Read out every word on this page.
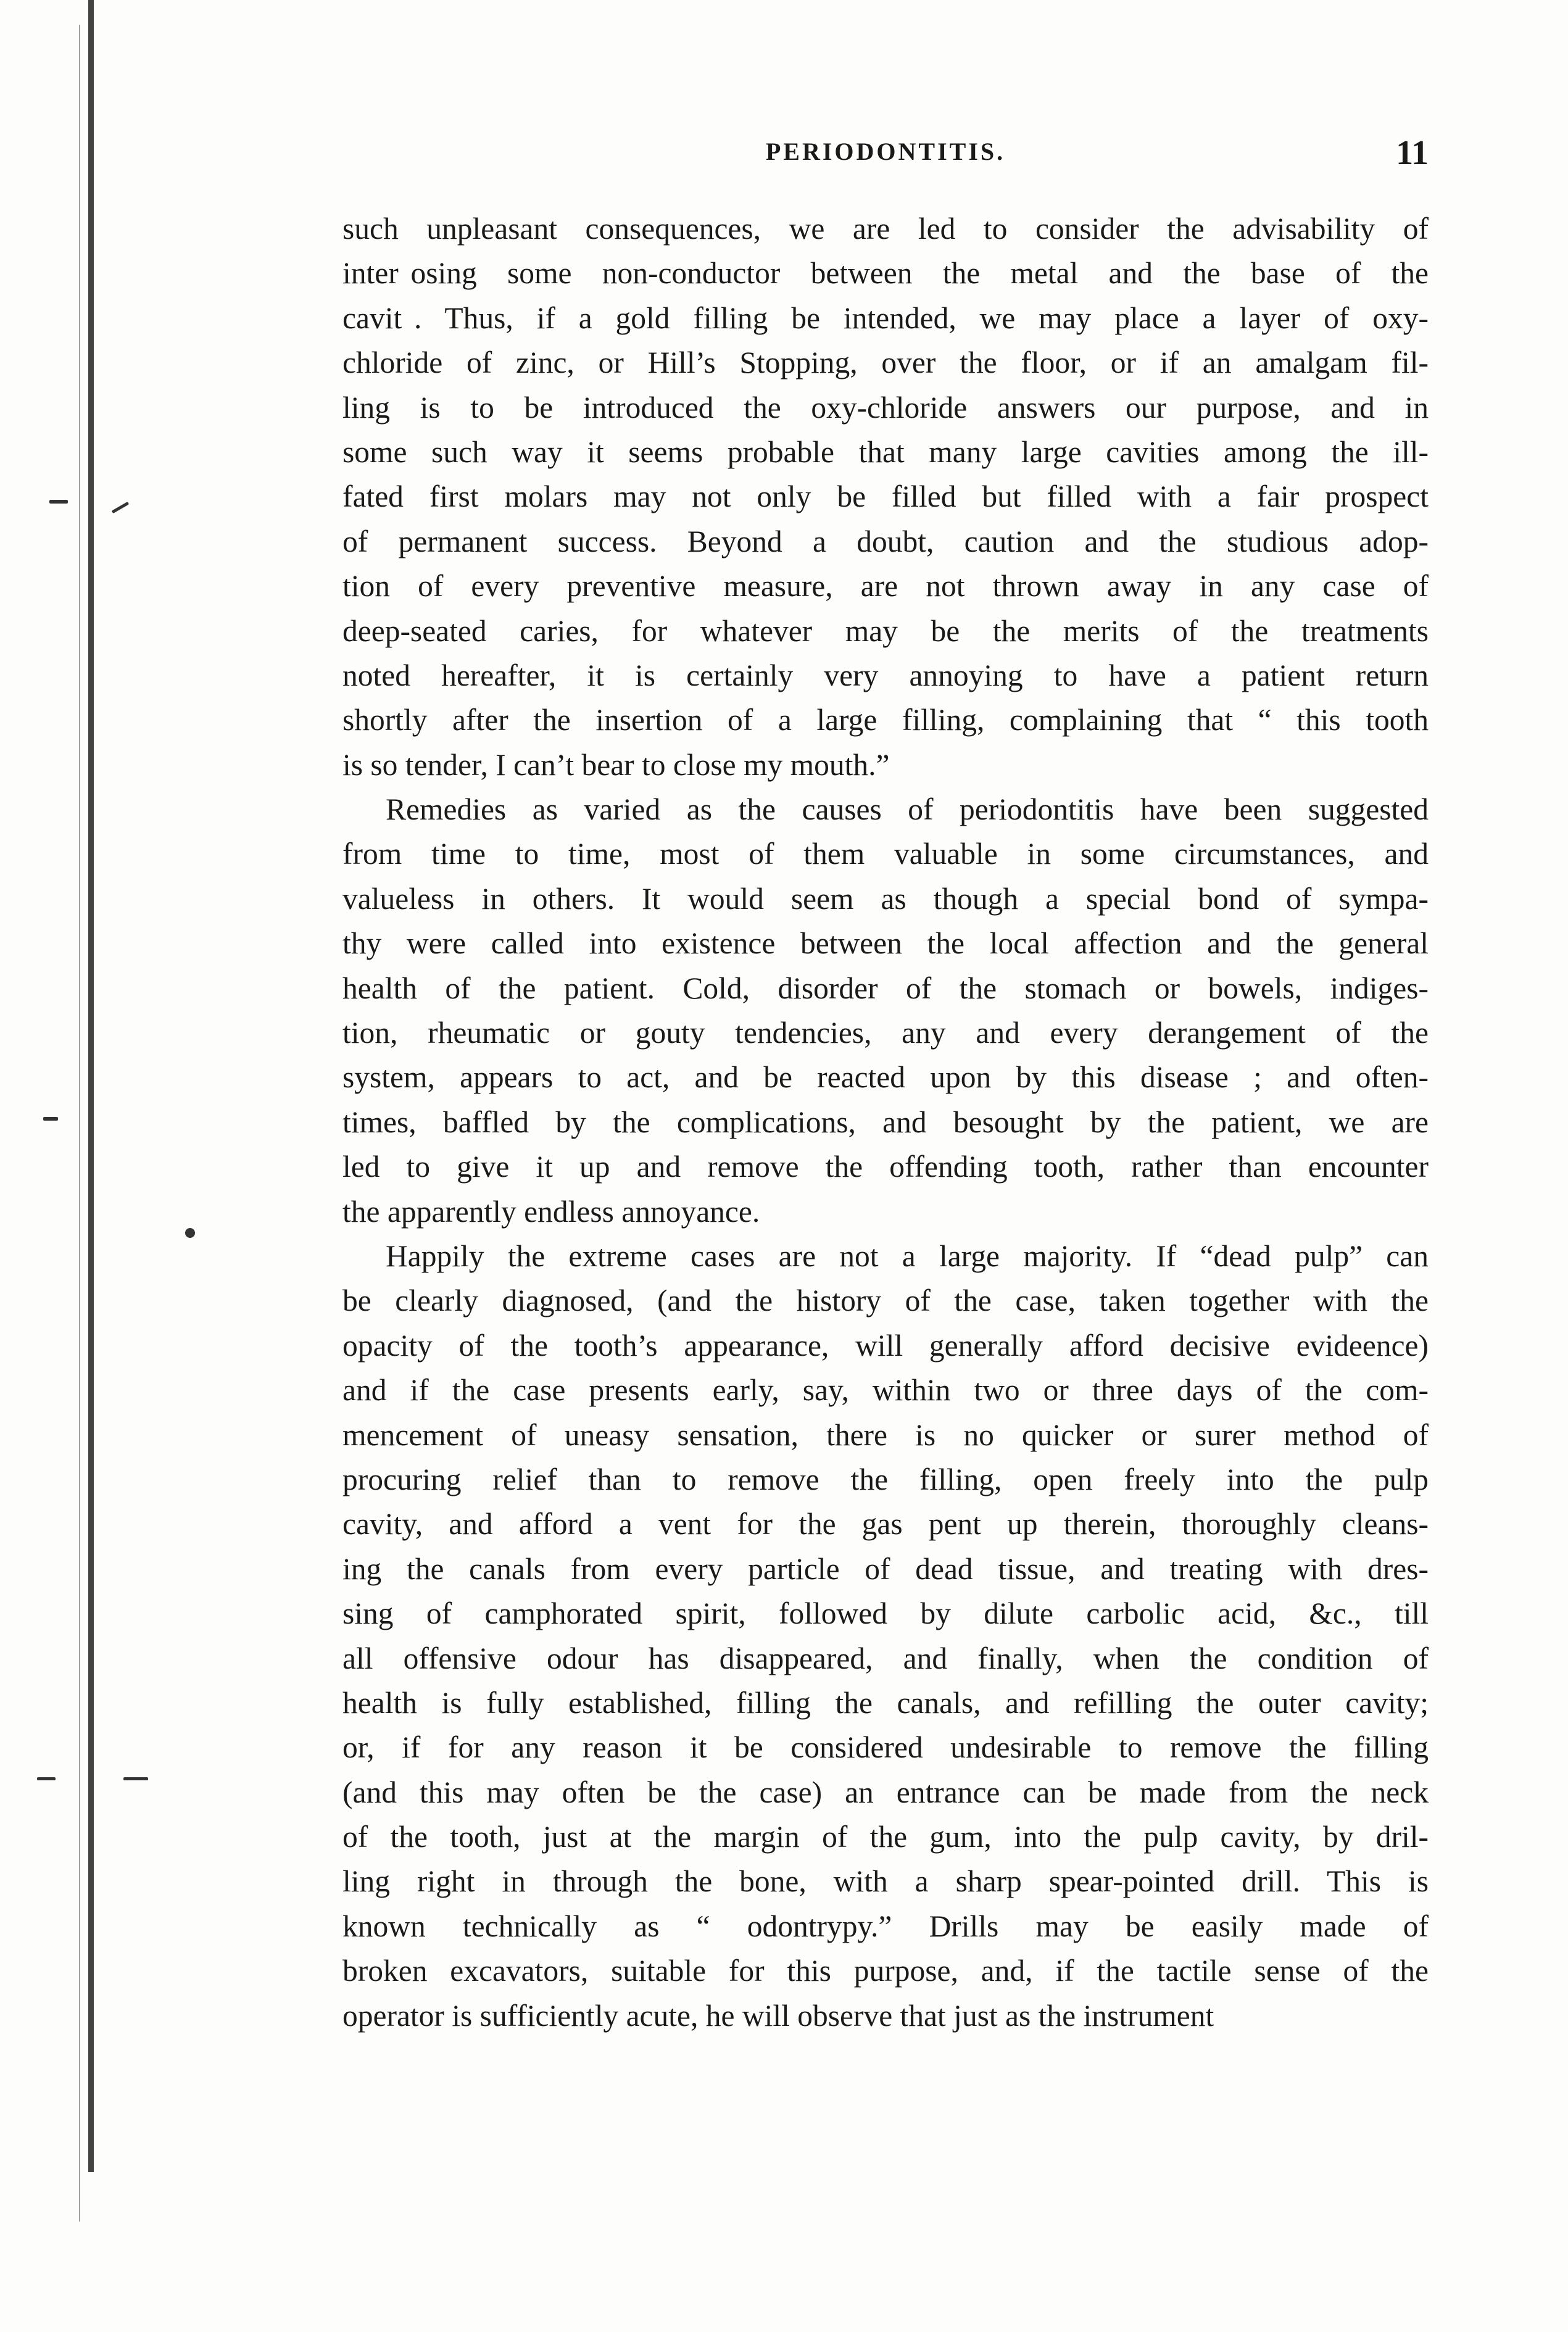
PERIODONTITIS.	11
such unpleasant consequences, we are led to consider the advisability of
inter  osing some non-conductor between the metal and the base of the
cavit  . Thus, if a gold filling be intended, we may place a layer of oxy-
chloride of zinc, or Hill’s Stopping, over the floor, or if an amalgam fil-
ling is to be introduced the oxy-chloride answers our purpose, and in
some such way it seems probable that many large cavities among the ill-
fated first molars may not only be filled but filled with a fair prospect
of permanent success. Beyond a doubt, caution and the studious adop-
tion of every preventive measure, are not thrown away in any case of
deep-seated caries, for whatever may be the merits of the treatments
noted hereafter, it is certainly very annoying to have a patient return
shortly after the insertion of a large filling, complaining that “ this tooth
is so tender, I can’t bear to close my mouth.”
Remedies as varied as the causes of periodontitis have been suggested
from time to time, most of them valuable in some circumstances, and
valueless in others. It would seem as though a special bond of sympa-
thy were called into existence between the local affection and the general
health of the patient. Cold, disorder of the stomach or bowels, indiges-
tion, rheumatic or gouty tendencies, any and every derangement of the
system, appears to act, and be reacted upon by this disease ; and often-
times, baffled by the complications, and besought by the patient, we are
led to give it up and remove the offending tooth, rather than encounter
the apparently endless annoyance.
Happily the extreme cases are not a large majority. If “dead pulp” can
be clearly diagnosed, (and the history of the case, taken together with the
opacity of the tooth’s appearance, will generally afford decisive evideence)
and if the case presents early, say, within two or three days of the com-
mencement of uneasy sensation, there is no quicker or surer method of
procuring relief than to remove the filling, open freely into the pulp
cavity, and afford a vent for the gas pent up therein, thoroughly cleans-
ing the canals from every particle of dead tissue, and treating with dres-
sing of camphorated spirit, followed by dilute carbolic acid, &c., till
all offensive odour has disappeared, and finally, when the condition of
health is fully established, filling the canals, and refilling the outer cavity;
or, if for any reason it be considered undesirable to remove the filling
(and this may often be the case) an entrance can be made from the neck
of the tooth, just at the margin of the gum, into the pulp cavity, by dril-
ling right in through the bone, with a sharp spear-pointed drill. This is
known technically as “ odontrypy.” Drills may be easily made of
broken excavators, suitable for this purpose, and, if the tactile sense of the
operator is sufficiently acute, he will observe that just as the instrument
